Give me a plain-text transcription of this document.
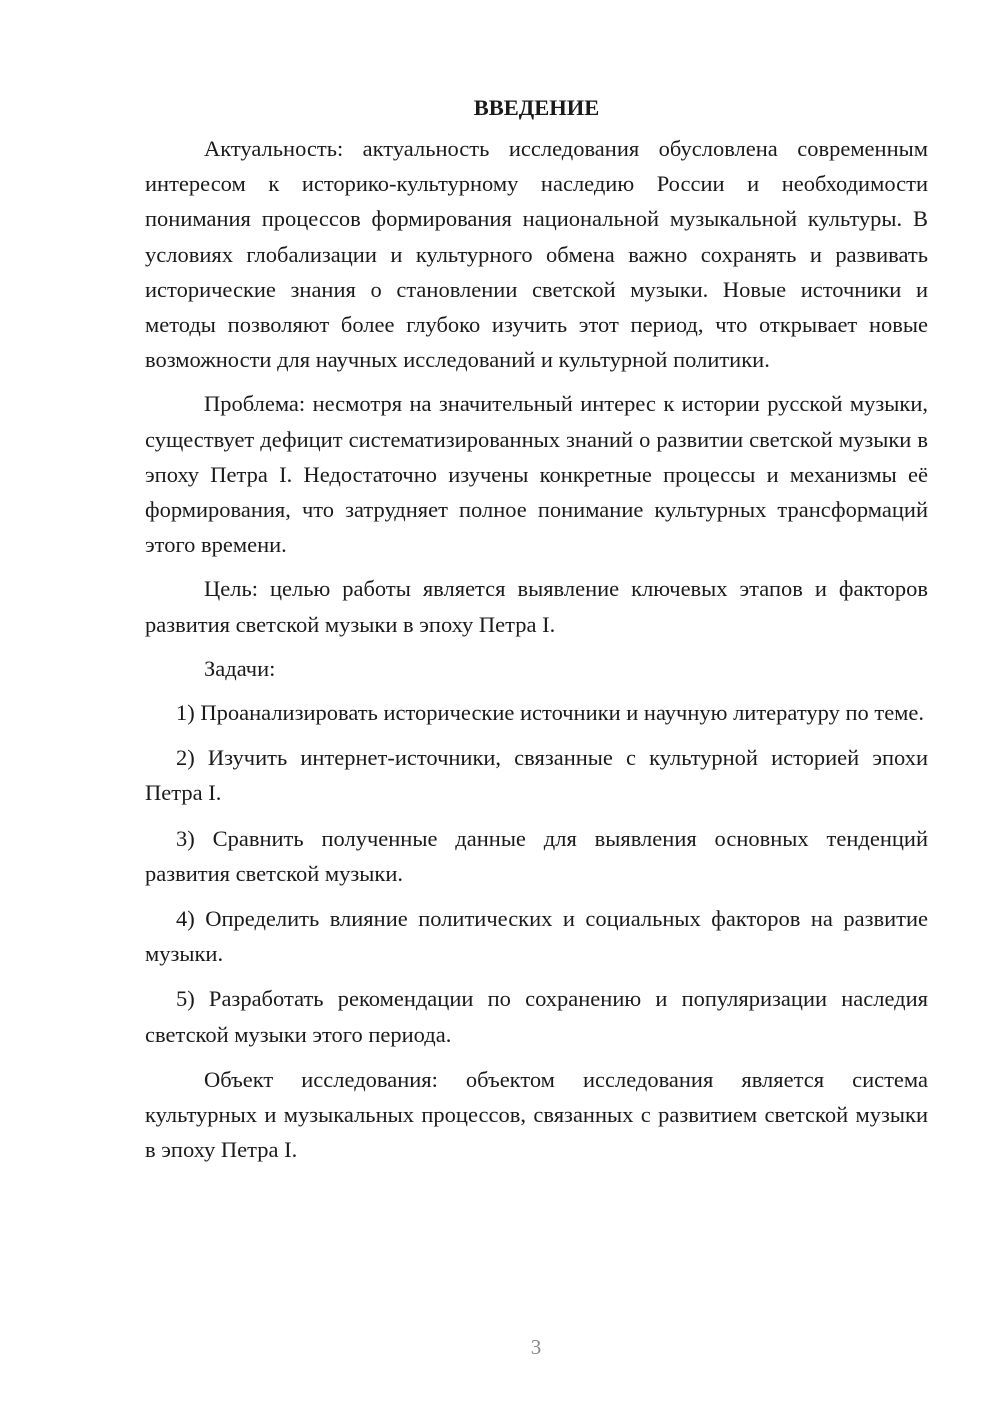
ВВЕДЕНИЕ

Актуальность: актуальность исследования обусловлена современным интересом к историко-культурному наследию России и необходимости понимания процессов формирования национальной музыкальной культуры. В условиях глобализации и культурного обмена важно сохранять и развивать исторические знания о становлении светской музыки. Новые источники и методы позволяют более глубоко изучить этот период, что открывает новые возможности для научных исследований и культурной политики.

Проблема: несмотря на значительный интерес к истории русской музыки, существует дефицит систематизированных знаний о развитии светской музыки в эпоху Петра I. Недостаточно изучены конкретные процессы и механизмы её формирования, что затрудняет полное понимание культурных трансформаций этого времени.

Цель: целью работы является выявление ключевых этапов и факторов развития светской музыки в эпоху Петра I.

Задачи:

1) Проанализировать исторические источники и научную литературу по теме.

2) Изучить интернет-источники, связанные с культурной историей эпохи Петра I.

3) Сравнить полученные данные для выявления основных тенденций развития светской музыки.

4) Определить влияние политических и социальных факторов на развитие музыки.

5) Разработать рекомендации по сохранению и популяризации наследия светской музыки этого периода.

Объект исследования: объектом исследования является система культурных и музыкальных процессов, связанных с развитием светской музыки в эпоху Петра I.

3
